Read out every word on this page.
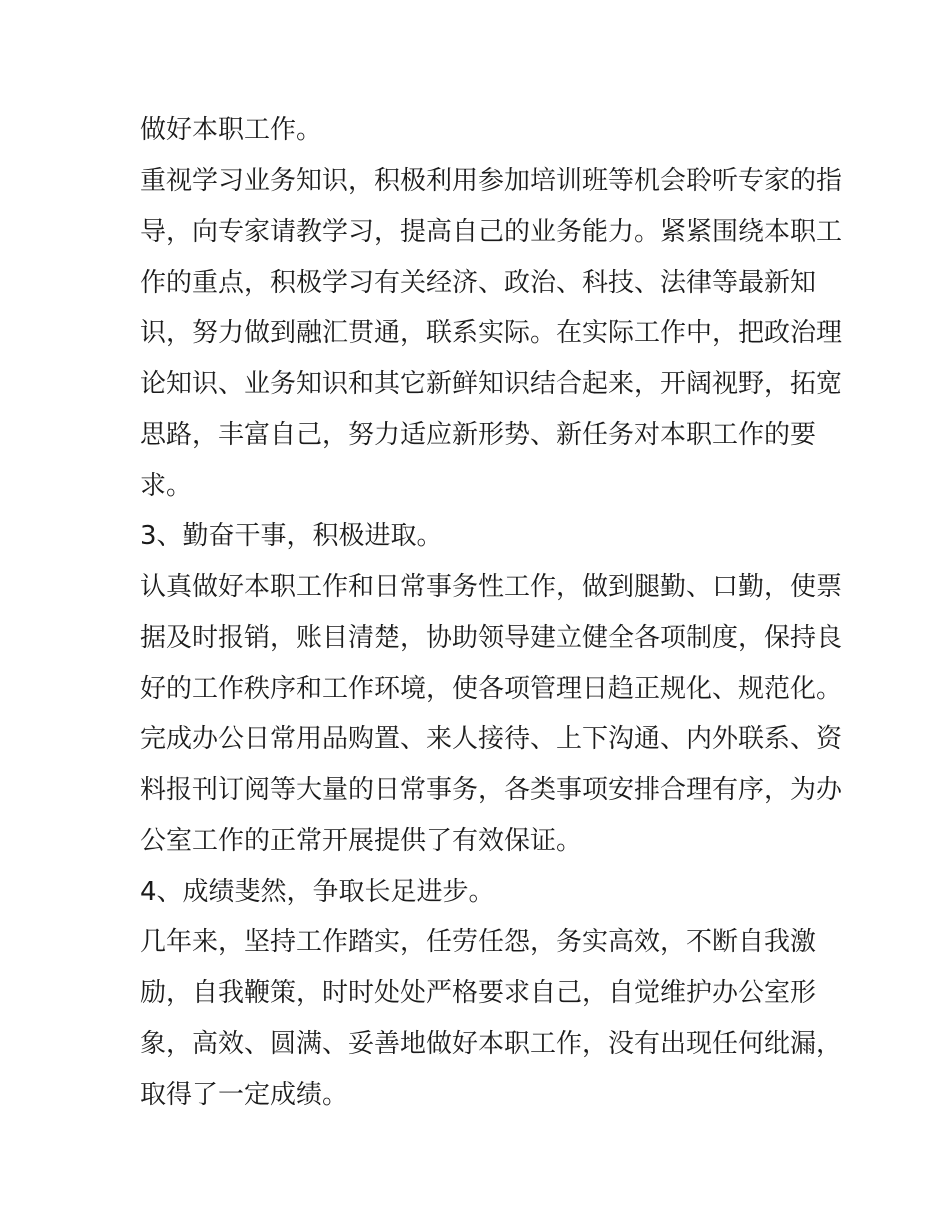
做好本职工作。
重视学习业务知识，积极利用参加培训班等机会聆听专家的指
导，向专家请教学习，提高自己的业务能力。紧紧围绕本职工
作的重点，积极学习有关经济、政治、科技、法律等最新知
识，努力做到融汇贯通，联系实际。在实际工作中，把政治理
论知识、业务知识和其它新鲜知识结合起来，开阔视野，拓宽
思路，丰富自己，努力适应新形势、新任务对本职工作的要
求。
3、勤奋干事，积极进取。
认真做好本职工作和日常事务性工作，做到腿勤、口勤，使票
据及时报销，账目清楚，协助领导建立健全各项制度，保持良
好的工作秩序和工作环境，使各项管理日趋正规化、规范化。
完成办公日常用品购置、来人接待、上下沟通、内外联系、资
料报刊订阅等大量的日常事务，各类事项安排合理有序，为办
公室工作的正常开展提供了有效保证。
4、成绩斐然，争取长足进步。
几年来，坚持工作踏实，任劳任怨，务实高效，不断自我激
励，自我鞭策，时时处处严格要求自己，自觉维护办公室形
象，高效、圆满、妥善地做好本职工作，没有出现任何纰漏，
取得了一定成绩。
